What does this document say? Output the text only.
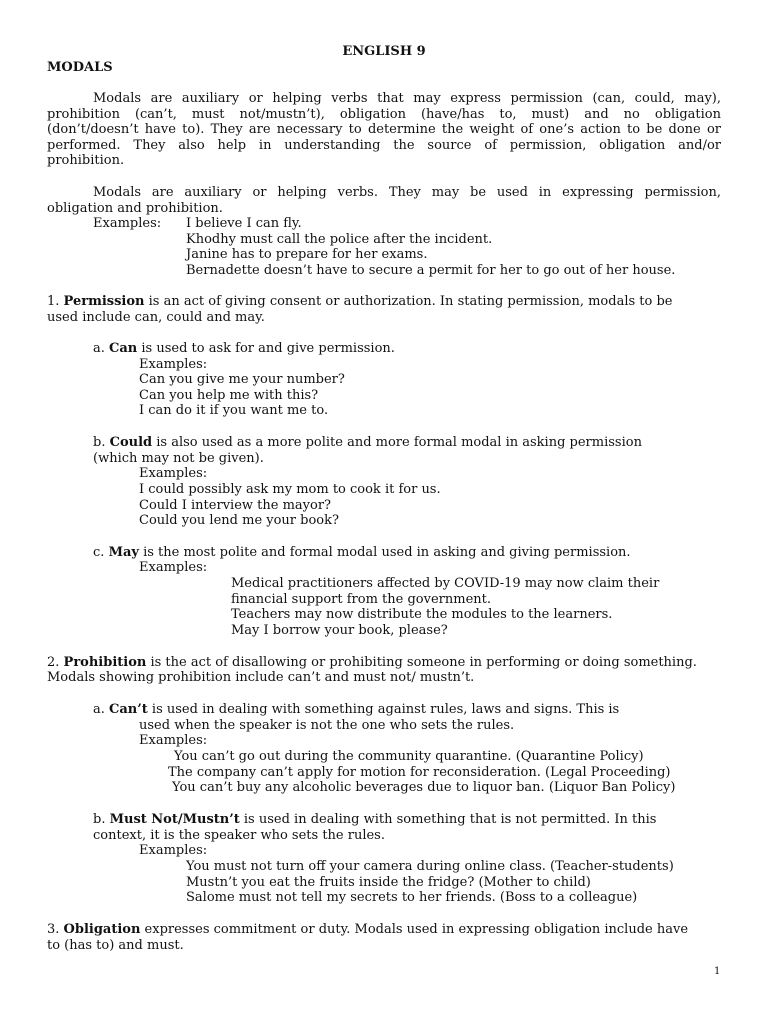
ENGLISH 9
MODALS
Modals are auxiliary or helping verbs that may express permission (can, could, may),
prohibition (can’t, must not/mustn’t), obligation (have/has to, must) and no obligation
(don’t/doesn’t have to). They are necessary to determine the weight of one’s action to be done or
performed. They also help in understanding the source of permission, obligation and/or
prohibition.
Modals are auxiliary or helping verbs. They may be used in expressing permission,
obligation and prohibition.
Examples: I believe I can fly.
Khodhy must call the police after the incident.
Janine has to prepare for her exams.
Bernadette doesn’t have to secure a permit for her to go out of her house.
1. Permission is an act of giving consent or authorization. In stating permission, modals to be
used include can, could and may.
a. Can is used to ask for and give permission.
Examples:
Can you give me your number?
Can you help me with this?
I can do it if you want me to.
b. Could is also used as a more polite and more formal modal in asking permission
(which may not be given).
Examples:
I could possibly ask my mom to cook it for us.
Could I interview the mayor?
Could you lend me your book?
c. May is the most polite and formal modal used in asking and giving permission.
Examples:
Medical practitioners affected by COVID-19 may now claim their
financial support from the government.
Teachers may now distribute the modules to the learners.
May I borrow your book, please?
2. Prohibition is the act of disallowing or prohibiting someone in performing or doing something.
Modals showing prohibition include can’t and must not/ mustn’t.
a. Can’t is used in dealing with something against rules, laws and signs. This is
used when the speaker is not the one who sets the rules.
Examples:
You can’t go out during the community quarantine. (Quarantine Policy)
The company can’t apply for motion for reconsideration. (Legal Proceeding)
You can’t buy any alcoholic beverages due to liquor ban. (Liquor Ban Policy)
b. Must Not/Mustn’t is used in dealing with something that is not permitted. In this
context, it is the speaker who sets the rules.
Examples:
You must not turn off your camera during online class. (Teacher-students)
Mustn’t you eat the fruits inside the fridge? (Mother to child)
Salome must not tell my secrets to her friends. (Boss to a colleague)
3. Obligation expresses commitment or duty. Modals used in expressing obligation include have
to (has to) and must.
1
